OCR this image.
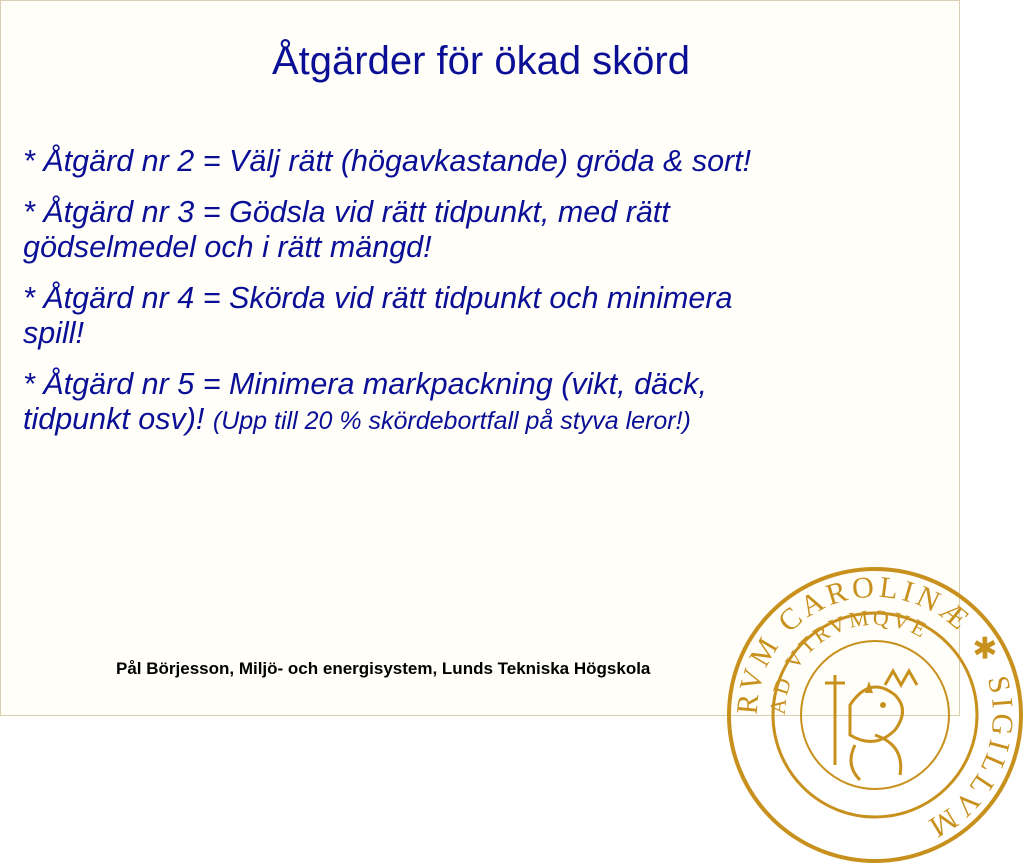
Åtgärder för ökad skörd
* Åtgärd nr 2 = Välj rätt (högavkastande) gröda & sort!
* Åtgärd nr 3 = Gödsla vid rätt tidpunkt, med rätt
gödselmedel och i rätt mängd!
* Åtgärd nr 4 = Skörda vid rätt tidpunkt och minimera
spill!
* Åtgärd nr 5 = Minimera markpackning (vikt, däck,
tidpunkt osv)! (Upp till 20 % skördebortfall på styva leror!)
Pål Börjesson, Miljö- och energisystem, Lunds Tekniska Högskola
RVM CAROLINÆ ✱ SIGILLVM
AD VTRVMQVE
